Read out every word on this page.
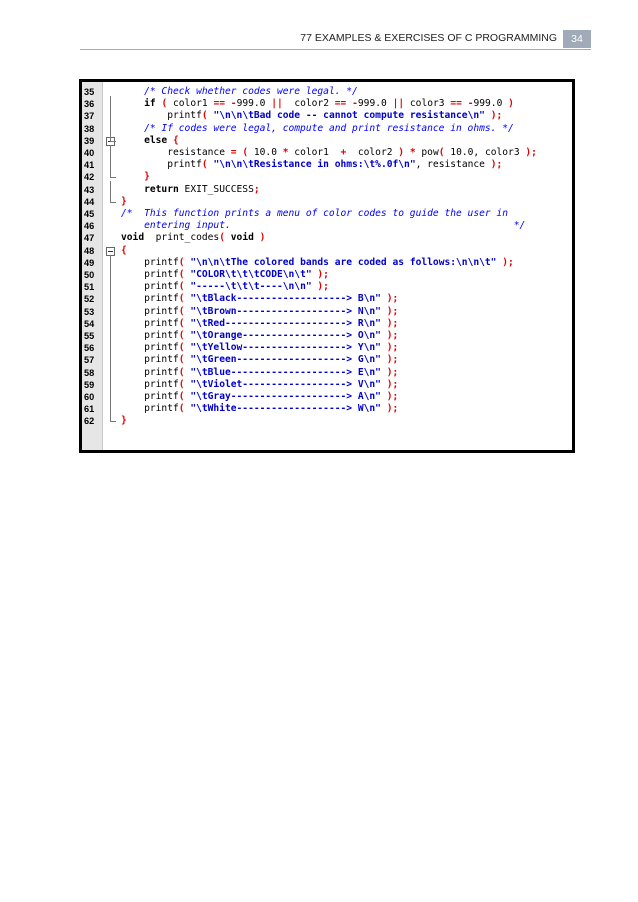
77 EXAMPLES & EXERCISES OF C PROGRAMMING	34
35	/* Check whether codes were legal. */
36	if ( color1 == -999.0 ||  color2 == -999.0 || color3 == -999.0 )
37	printf( "\n\n\tBad code -- cannot compute resistance\n" );
38	/* If codes were legal, compute and print resistance in ohms. */
39	else {
40	resistance = ( 10.0 * color1  +  color2 ) * pow( 10.0, color3 );
41	printf( "\n\n\tResistance in ohms:\t%.0f\n", resistance );
42	}
43	return EXIT_SUCCESS;
44	}
45	/*  This function prints a menu of color codes to guide the user in
46	entering input.                                                 */
47	void  print_codes( void )
48	{
49	printf( "\n\n\tThe colored bands are coded as follows:\n\n\t" );
50	printf( "COLOR\t\t\tCODE\n\t" );
51	printf( "-----\t\t\t----\n\n" );
52	printf( "\tBlack-------------------> B\n" );
53	printf( "\tBrown-------------------> N\n" );
54	printf( "\tRed---------------------> R\n" );
55	printf( "\tOrange------------------> O\n" );
56	printf( "\tYellow------------------> Y\n" );
57	printf( "\tGreen-------------------> G\n" );
58	printf( "\tBlue--------------------> E\n" );
59	printf( "\tViolet------------------> V\n" );
60	printf( "\tGray--------------------> A\n" );
61	printf( "\tWhite-------------------> W\n" );
62	}
